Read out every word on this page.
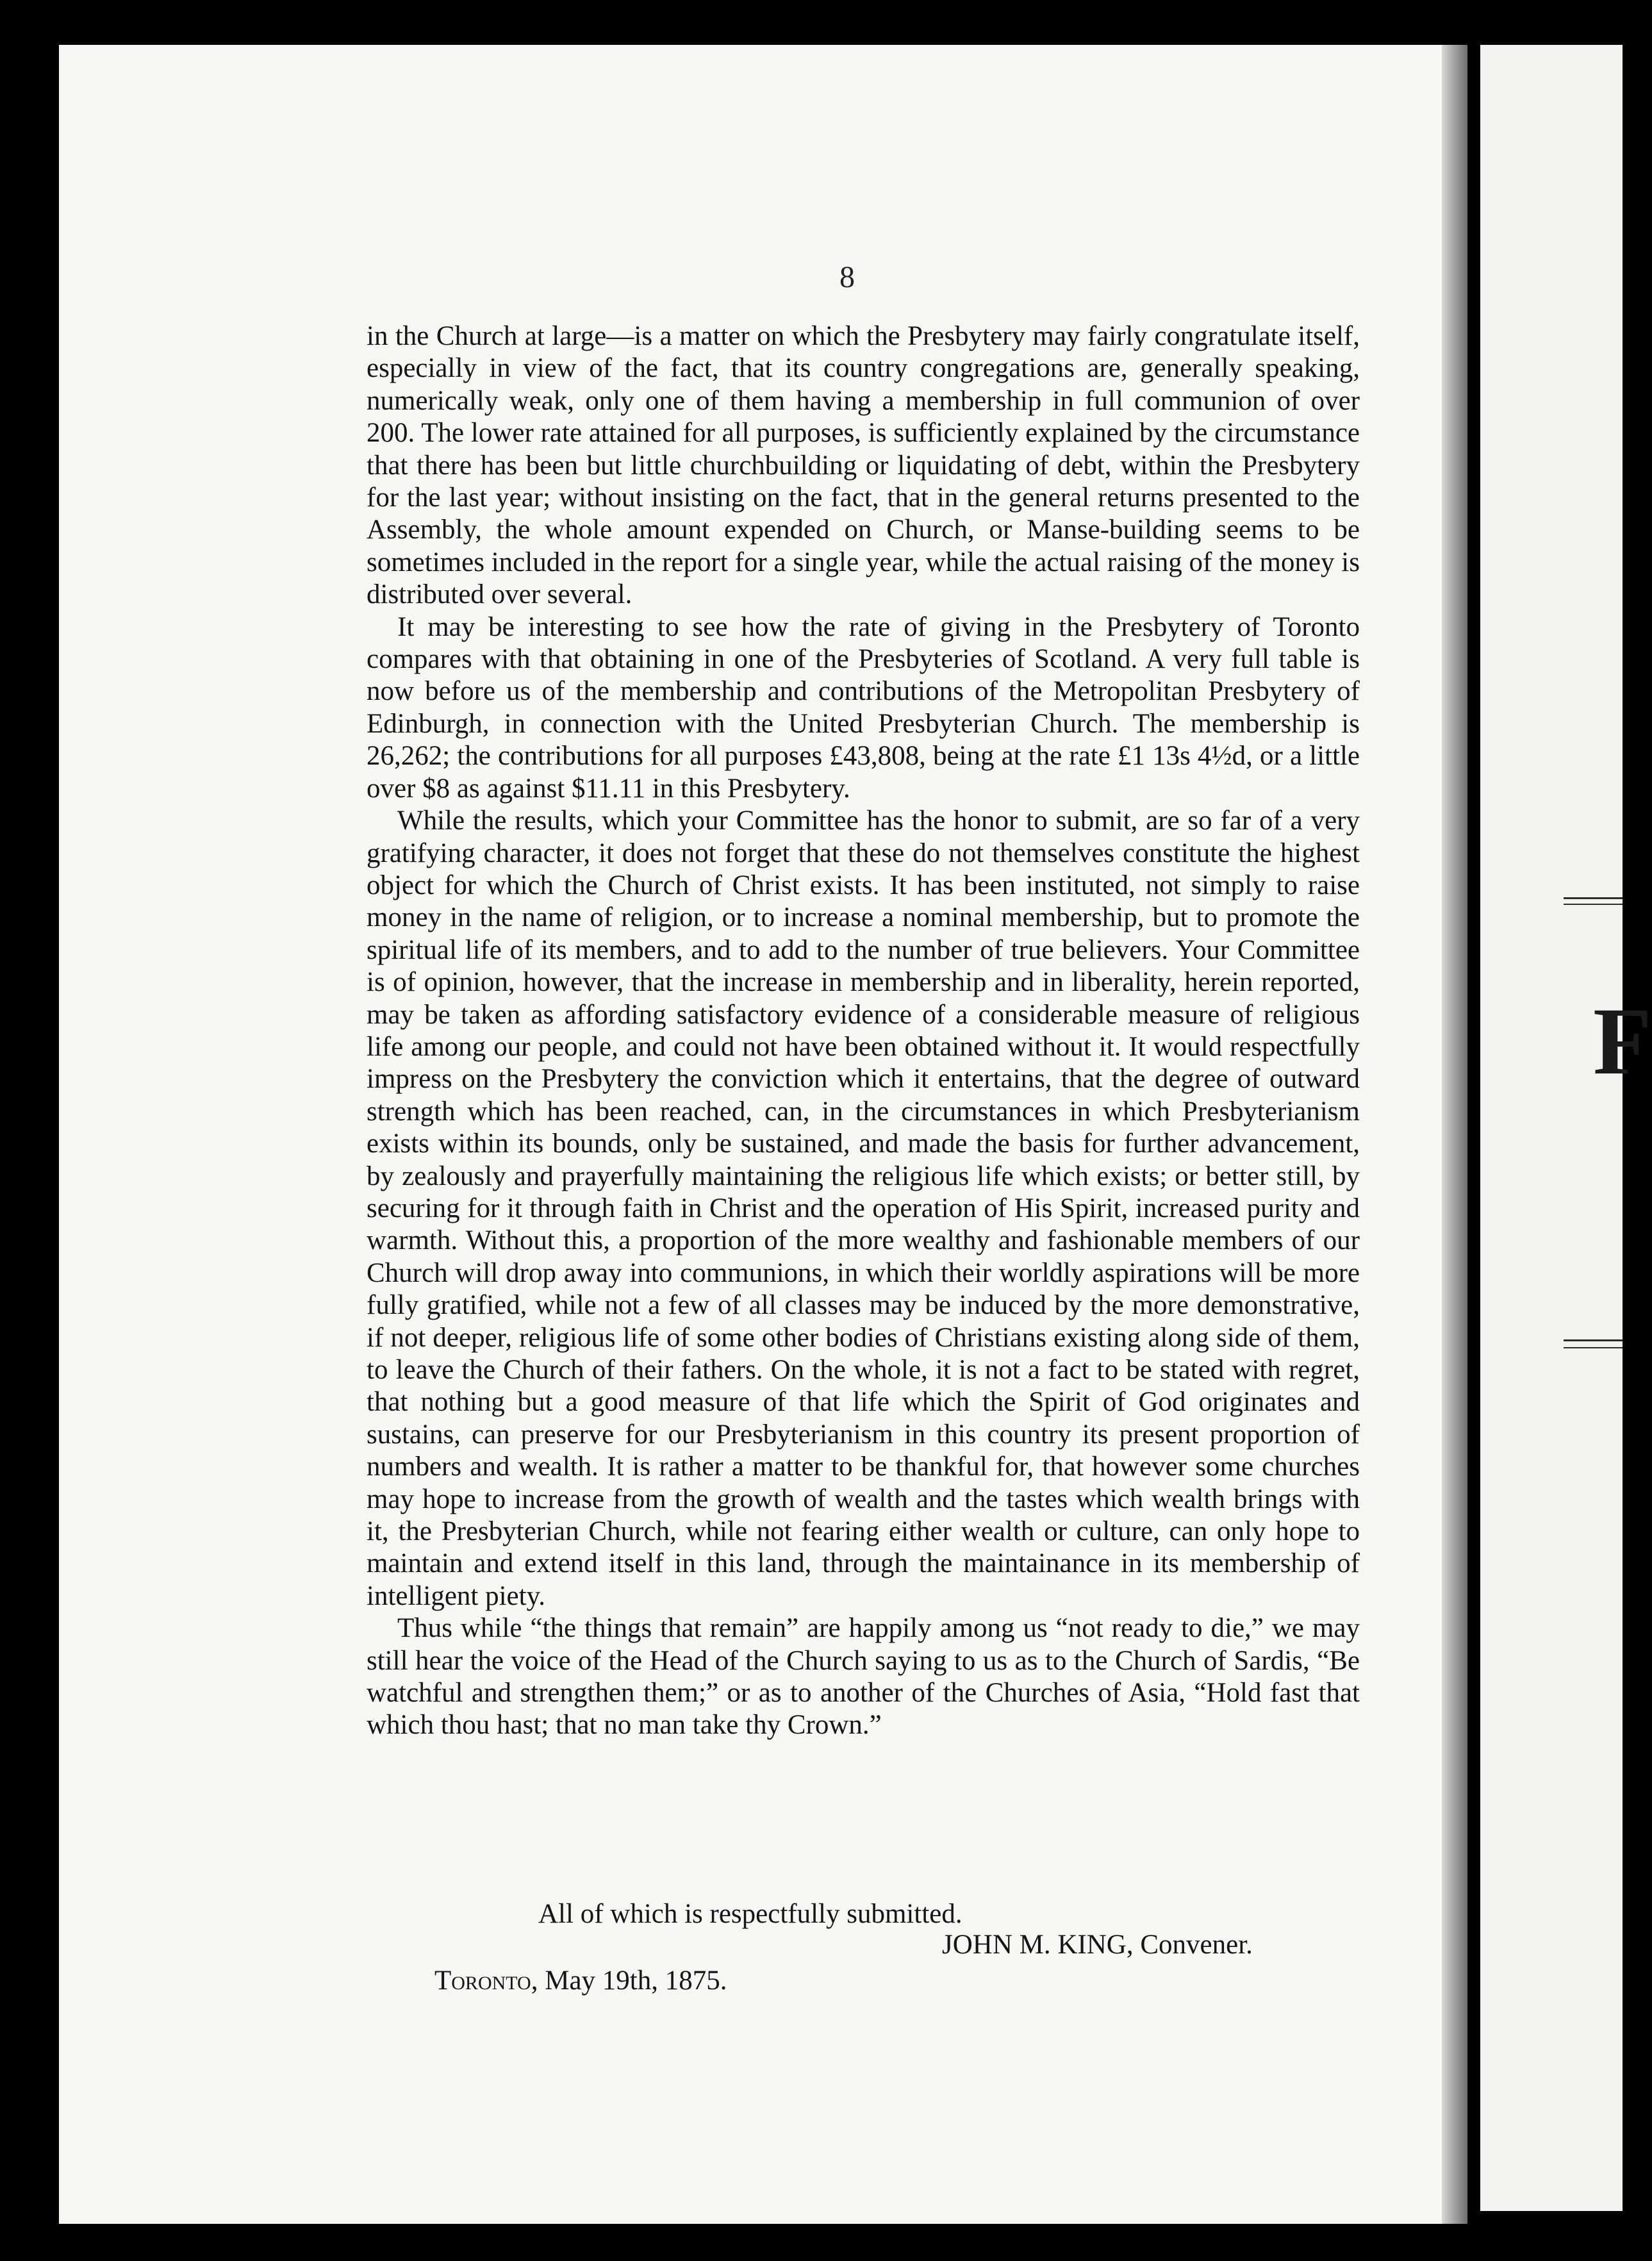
F
8

in the Church at large—is a matter on which the Presbytery may fairly congratulate itself, especially in view of the fact, that its country congregations are, generally speaking, numerically weak, only one of them having a membership in full communion of over 200. The lower rate attained for all purposes, is sufficiently explained by the circumstance that there has been but little churchbuilding or liquidating of debt, within the Presbytery for the last year; without insisting on the fact, that in the general returns presented to the Assembly, the whole amount expended on Church, or Manse-building seems to be sometimes included in the report for a single year, while the actual raising of the money is distributed over several.

It may be interesting to see how the rate of giving in the Presbytery of Toronto compares with that obtaining in one of the Presbyteries of Scotland. A very full table is now before us of the membership and contributions of the Metropolitan Presbytery of Edinburgh, in connection with the United Presbyterian Church. The membership is 26,262; the contributions for all purposes £43,808, being at the rate £1 13s 4½d, or a little over $8 as against $11.11 in this Presbytery.

While the results, which your Committee has the honor to submit, are so far of a very gratifying character, it does not forget that these do not themselves constitute the highest object for which the Church of Christ exists. It has been instituted, not simply to raise money in the name of religion, or to increase a nominal membership, but to promote the spiritual life of its members, and to add to the number of true believers. Your Committee is of opinion, however, that the increase in membership and in liberality, herein reported, may be taken as affording satisfactory evidence of a considerable measure of religious life among our people, and could not have been obtained without it. It would respectfully impress on the Presbytery the conviction which it entertains, that the degree of outward strength which has been reached, can, in the circumstances in which Presbyterianism exists within its bounds, only be sustained, and made the basis for further advancement, by zealously and prayerfully maintaining the religious life which exists; or better still, by securing for it through faith in Christ and the operation of His Spirit, increased purity and warmth. Without this, a proportion of the more wealthy and fashionable members of our Church will drop away into communions, in which their worldly aspirations will be more fully gratified, while not a few of all classes may be induced by the more demonstrative, if not deeper, religious life of some other bodies of Christians existing along side of them, to leave the Church of their fathers. On the whole, it is not a fact to be stated with regret, that nothing but a good measure of that life which the Spirit of God originates and sustains, can preserve for our Presbyterianism in this country its present proportion of numbers and wealth. It is rather a matter to be thankful for, that however some churches may hope to increase from the growth of wealth and the tastes which wealth brings with it, the Presbyterian Church, while not fearing either wealth or culture, can only hope to maintain and extend itself in this land, through the maintainance in its membership of intelligent piety.

Thus while “the things that remain” are happily among us “not ready to die,” we may still hear the voice of the Head of the Church saying to us as to the Church of Sardis, “Be watchful and strengthen them;” or as to another of the Churches of Asia, “Hold fast that which thou hast; that no man take thy Crown.”

All of which is respectfully submitted.
JOHN M. KING, Convener.
Toronto, May 19th, 1875.
